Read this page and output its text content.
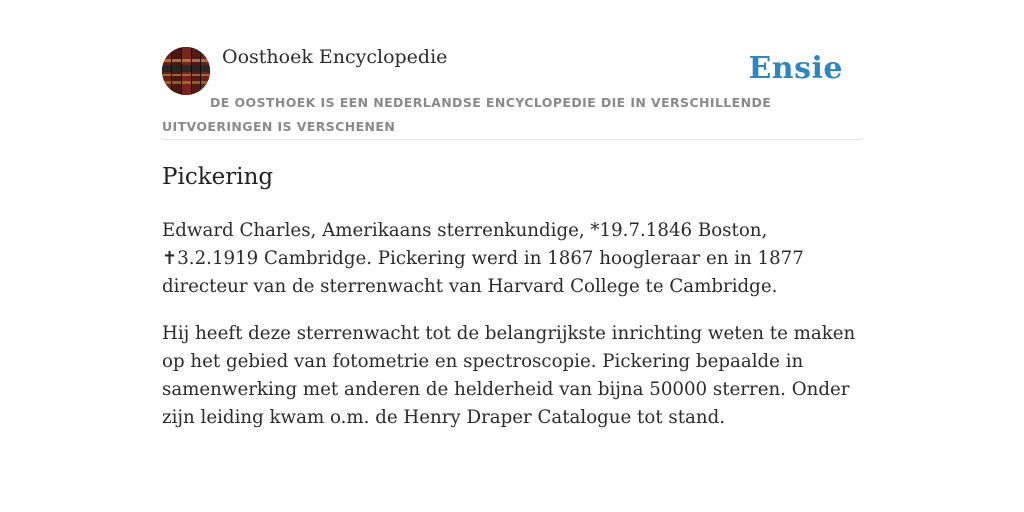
Oosthoek Encyclopedie	Ensie
DE OOSTHOEK IS EEN NEDERLANDSE ENCYCLOPEDIE DIE IN VERSCHILLENDE UITVOERINGEN IS VERSCHENEN
Pickering

Edward Charles, Amerikaans sterrenkundige, *19.7.1846 Boston, ✝3.2.1919 Cambridge. Pickering werd in 1867 hoogleraar en in 1877 directeur van de sterrenwacht van Harvard College te Cambridge.

Hij heeft deze sterrenwacht tot de belangrijkste inrichting weten te maken op het gebied van fotometrie en spectroscopie. Pickering bepaalde in samenwerking met anderen de helderheid van bijna 50000 sterren. Onder zijn leiding kwam o.m. de Henry Draper Catalogue tot stand.
